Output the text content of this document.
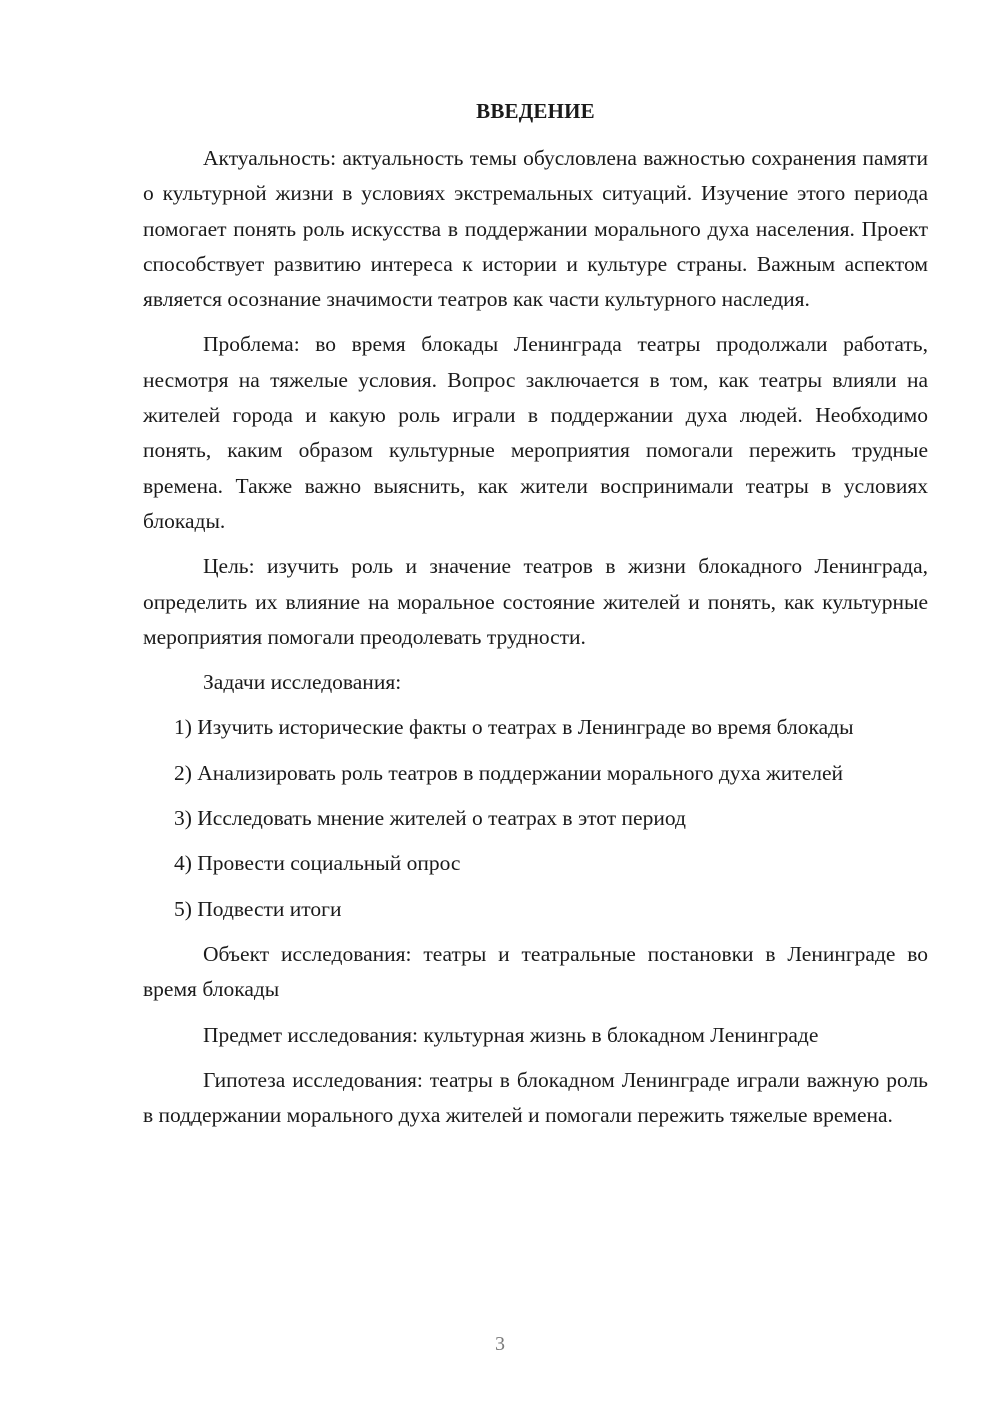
ВВЕДЕНИЕ

Актуальность: актуальность темы обусловлена важностью сохранения памяти о культурной жизни в условиях экстремальных ситуаций. Изучение этого периода помогает понять роль искусства в поддержании морального духа населения. Проект способствует развитию интереса к истории и культуре страны. Важным аспектом является осознание значимости театров как части культурного наследия.

Проблема: во время блокады Ленинграда театры продолжали работать, несмотря на тяжелые условия. Вопрос заключается в том, как театры влияли на жителей города и какую роль играли в поддержании духа людей. Необходимо понять, каким образом культурные мероприятия помогали пережить трудные времена. Также важно выяснить, как жители воспринимали театры в условиях блокады.

Цель: изучить роль и значение театров в жизни блокадного Ленинграда, определить их влияние на моральное состояние жителей и понять, как культурные мероприятия помогали преодолевать трудности.

Задачи исследования:

1) Изучить исторические факты о театрах в Ленинграде во время блокады

2) Анализировать роль театров в поддержании морального духа жителей

3) Исследовать мнение жителей о театрах в этот период

4) Провести социальный опрос

5) Подвести итоги

Объект исследования: театры и театральные постановки в Ленинграде во время блокады

Предмет исследования: культурная жизнь в блокадном Ленинграде

Гипотеза исследования: театры в блокадном Ленинграде играли важную роль в поддержании морального духа жителей и помогали пережить тяжелые времена.

3
